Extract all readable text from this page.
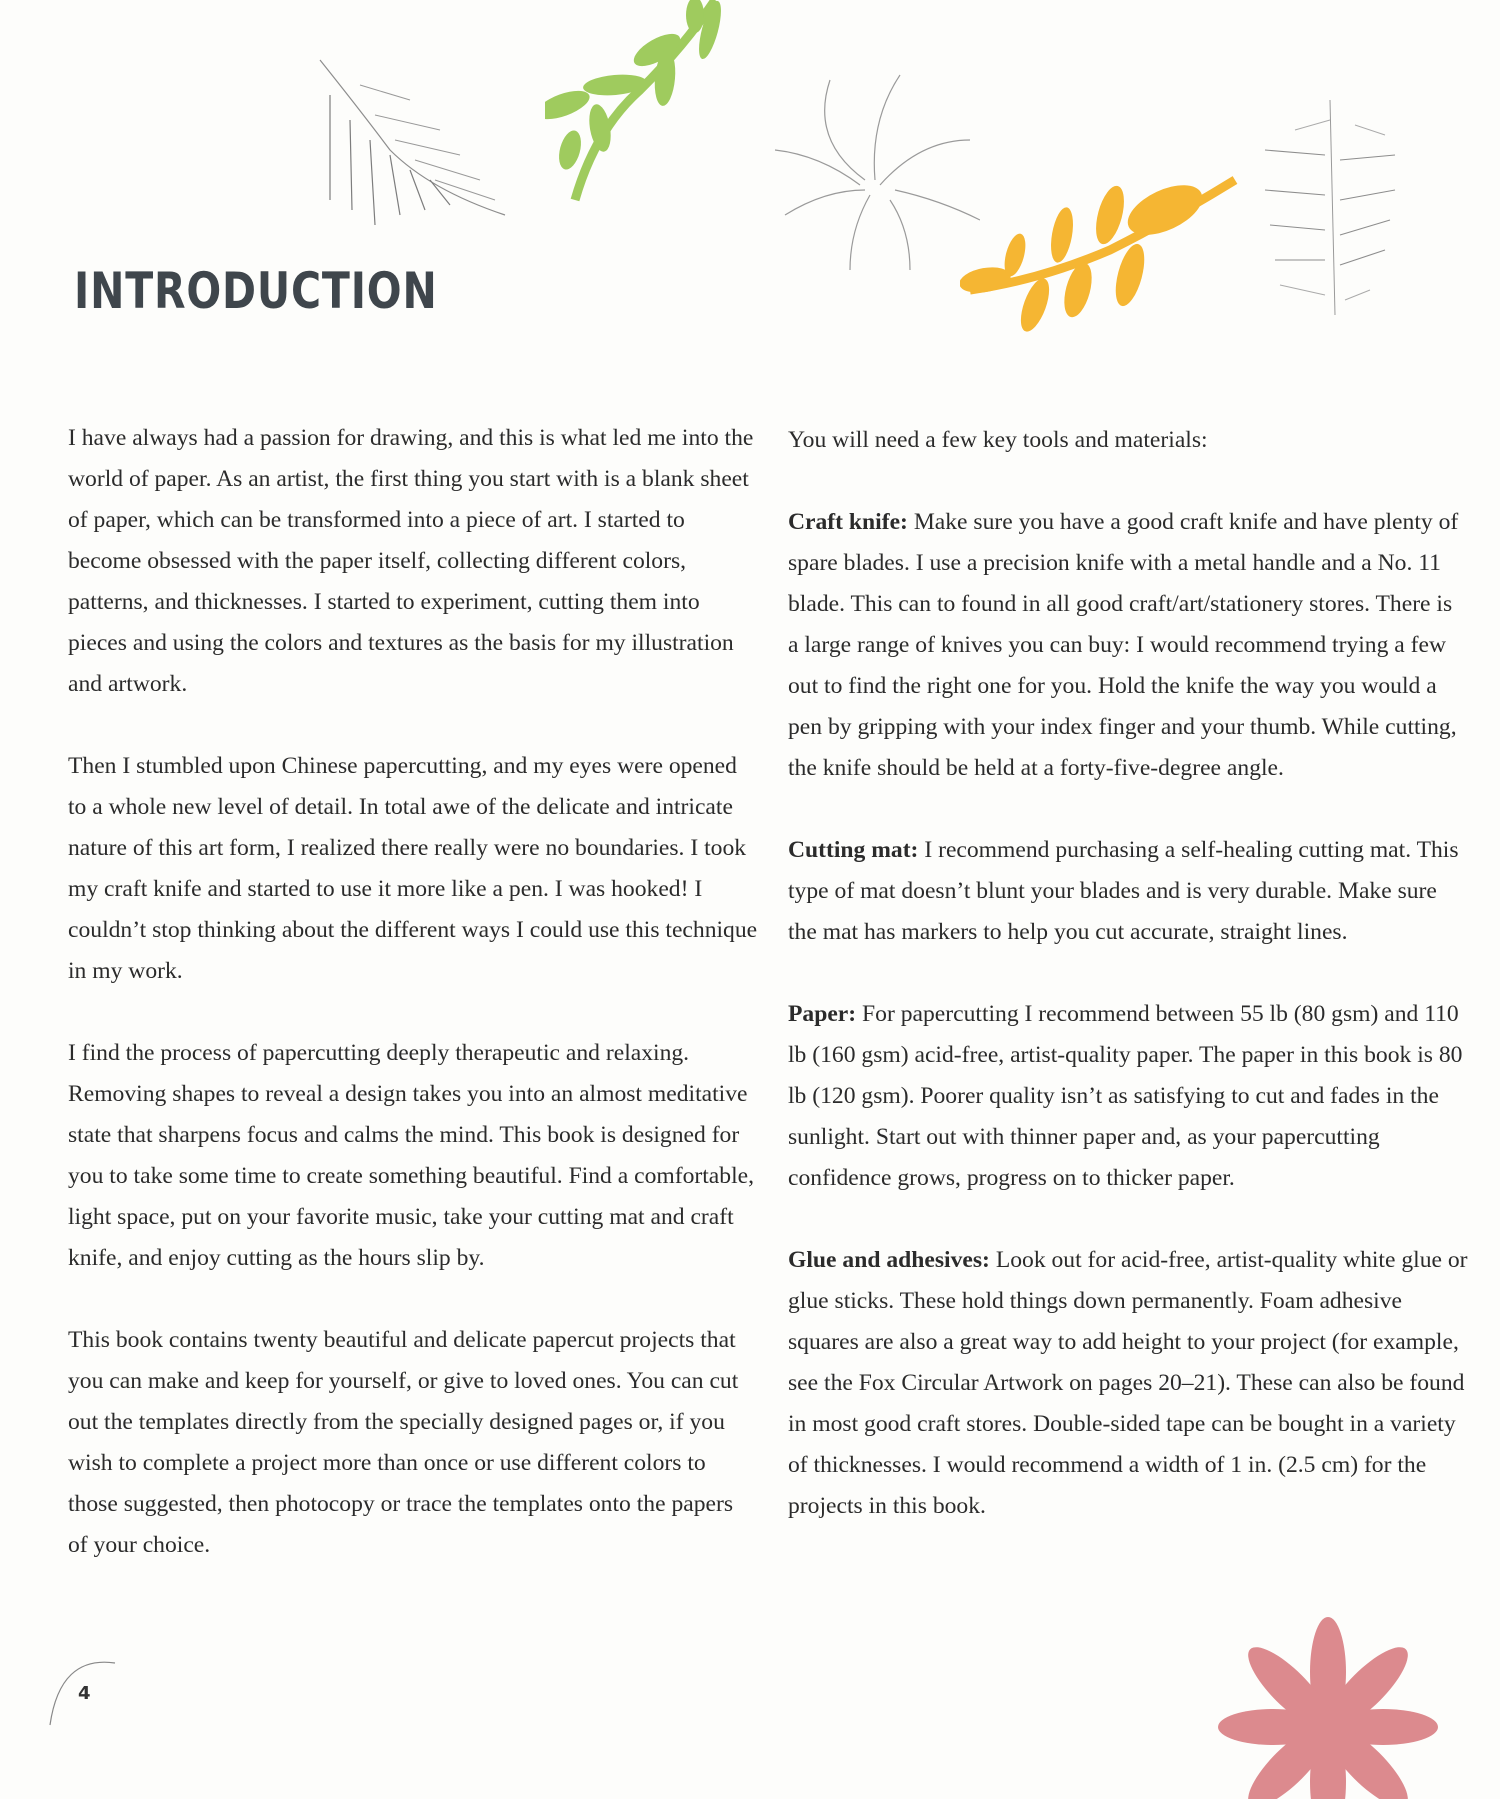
INTRODUCTION

I have always had a passion for drawing, and this is what led me into the world of paper. As an artist, the first thing you start with is a blank sheet of paper, which can be transformed into a piece of art. I started to become obsessed with the paper itself, collecting different colors, patterns, and thicknesses. I started to experiment, cutting them into pieces and using the colors and textures as the basis for my illustration and artwork.

Then I stumbled upon Chinese papercutting, and my eyes were opened to a whole new level of detail. In total awe of the delicate and intricate nature of this art form, I realized there really were no boundaries. I took my craft knife and started to use it more like a pen. I was hooked! I couldn’t stop thinking about the different ways I could use this technique in my work.

I find the process of papercutting deeply therapeutic and relaxing. Removing shapes to reveal a design takes you into an almost meditative state that sharpens focus and calms the mind. This book is designed for you to take some time to create something beautiful. Find a comfortable, light space, put on your favorite music, take your cutting mat and craft knife, and enjoy cutting as the hours slip by.

This book contains twenty beautiful and delicate papercut projects that you can make and keep for yourself, or give to loved ones. You can cut out the templates directly from the specially designed pages or, if you wish to complete a project more than once or use different colors to those suggested, then photocopy or trace the templates onto the papers of your choice.

You will need a few key tools and materials:

Craft knife: Make sure you have a good craft knife and have plenty of spare blades. I use a precision knife with a metal handle and a No. 11 blade. This can to found in all good craft/art/stationery stores. There is a large range of knives you can buy: I would recommend trying a few out to find the right one for you. Hold the knife the way you would a pen by gripping with your index finger and your thumb. While cutting, the knife should be held at a forty-five-degree angle.

Cutting mat: I recommend purchasing a self-healing cutting mat. This type of mat doesn’t blunt your blades and is very durable. Make sure the mat has markers to help you cut accurate, straight lines.

Paper: For papercutting I recommend between 55 lb (80 gsm) and 110 lb (160 gsm) acid-free, artist-quality paper. The paper in this book is 80 lb (120 gsm). Poorer quality isn’t as satisfying to cut and fades in the sunlight. Start out with thinner paper and, as your papercutting confidence grows, progress on to thicker paper.

Glue and adhesives: Look out for acid-free, artist-quality white glue or glue sticks. These hold things down permanently. Foam adhesive squares are also a great way to add height to your project (for example, see the Fox Circular Artwork on pages 20–21). These can also be found in most good craft stores. Double-sided tape can be bought in a variety of thicknesses. I would recommend a width of 1 in. (2.5 cm) for the projects in this book.

4
